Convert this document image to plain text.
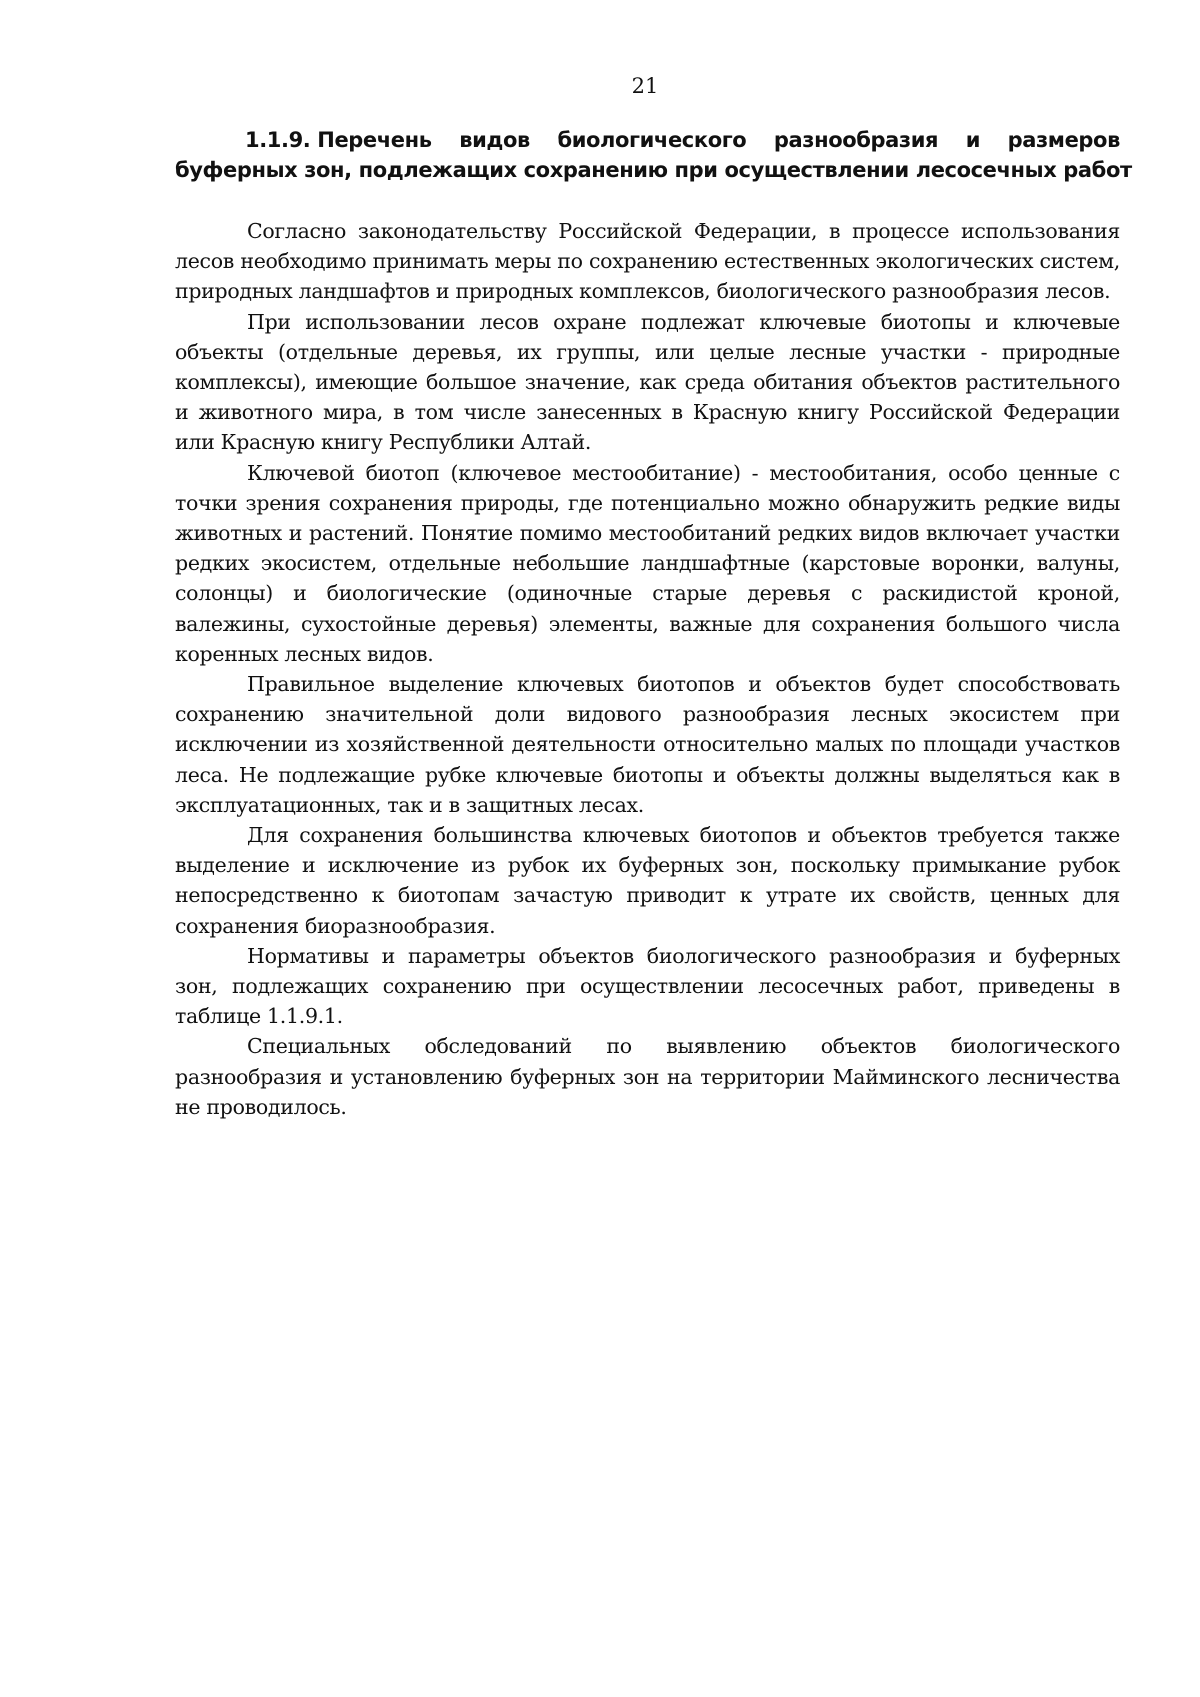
21
1.1.9. Перечень видов биологического разнообразия и размеров
буферных зон, подлежащих сохранению при осуществлении лесосечных работ

Согласно законодательству Российской Федерации, в процессе использования лесов необходимо принимать меры по сохранению естественных экологических систем, природных ландшафтов и природных комплексов, биологического разнообразия лесов.

При использовании лесов охране подлежат ключевые биотопы и ключевые объекты (отдельные деревья, их группы, или целые лесные участки - природные комплексы), имеющие большое значение, как среда обитания объектов растительного и животного мира, в том числе занесенных в Красную книгу Российской Федерации или Красную книгу Республики Алтай.

Ключевой биотоп (ключевое местообитание) - местообитания, особо ценные с точки зрения сохранения природы, где потенциально можно обнаружить редкие виды животных и растений. Понятие помимо местообитаний редких видов включает участки редких экосистем, отдельные небольшие ландшафтные (карстовые воронки, валуны, солонцы) и биологические (одиночные старые деревья с раскидистой кроной, валежины, сухостойные деревья) элементы, важные для сохранения большого числа коренных лесных видов.

Правильное выделение ключевых биотопов и объектов будет способствовать сохранению значительной доли видового разнообразия лесных экосистем при исключении из хозяйственной деятельности относительно малых по площади участков леса. Не подлежащие рубке ключевые биотопы и объекты должны выделяться как в эксплуатационных, так и в защитных лесах.

Для сохранения большинства ключевых биотопов и объектов требуется также выделение и исключение из рубок их буферных зон, поскольку примыкание рубок непосредственно к биотопам зачастую приводит к утрате их свойств, ценных для сохранения биоразнообразия.

Нормативы и параметры объектов биологического разнообразия и буферных зон, подлежащих сохранению при осуществлении лесосечных работ, приведены в таблице 1.1.9.1.

Специальных обследований по выявлению объектов биологического разнообразия и установлению буферных зон на территории Майминского лесничества не проводилось.
